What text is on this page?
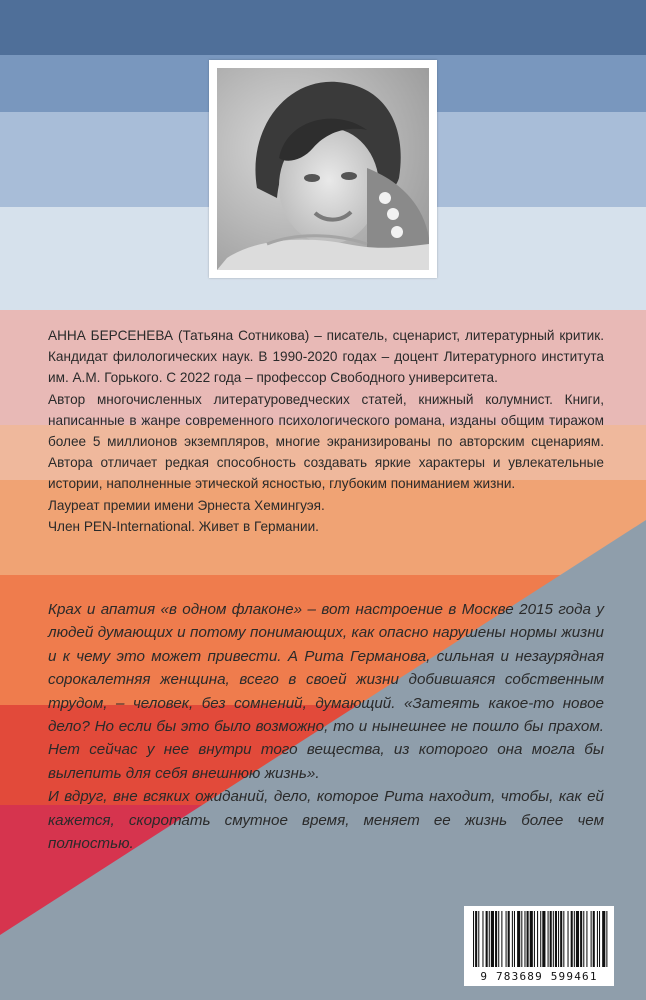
АННА БЕРСЕНЕВА (Татьяна Сотникова) – писатель, сценарист, литературный критик. Кандидат филологических наук. В 1990-2020 годах – доцент Литературного института им. А.М. Горького. С 2022 года – профессор Свободного университета.

Автор многочисленных литературоведческих статей, книжный колумнист. Книги, написанные в жанре современного психологического романа, изданы общим тиражом более 5 миллионов экземпляров, многие экранизированы по авторским сценариям. Автора отличает редкая способность создавать яркие характеры и увлекательные истории, наполненные этической ясностью, глубоким пониманием жизни.

Лауреат премии имени Эрнеста Хемингуэя.

Член PEN-International. Живет в Германии.

Крах и апатия «в одном флаконе» – вот настроение в Москве 2015 года у людей думающих и потому понимающих, как опасно нарушены нормы жизни и к чему это может привести. А Рита Германова, сильная и незаурядная сорокалетняя женщина, всего в своей жизни добившаяся собственным трудом, – человек, без сомнений, думающий. «Затеять какое-то новое дело? Но если бы это было возможно, то и нынешнее не пошло бы прахом. Нет сейчас у нее внутри того вещества, из которого она могла бы вылепить для себя внешнюю жизнь».

И вдруг, вне всяких ожиданий, дело, которое Рита находит, чтобы, как ей кажется, скоротать смутное время, меняет ее жизнь более чем полностью.

9 783689 599461
